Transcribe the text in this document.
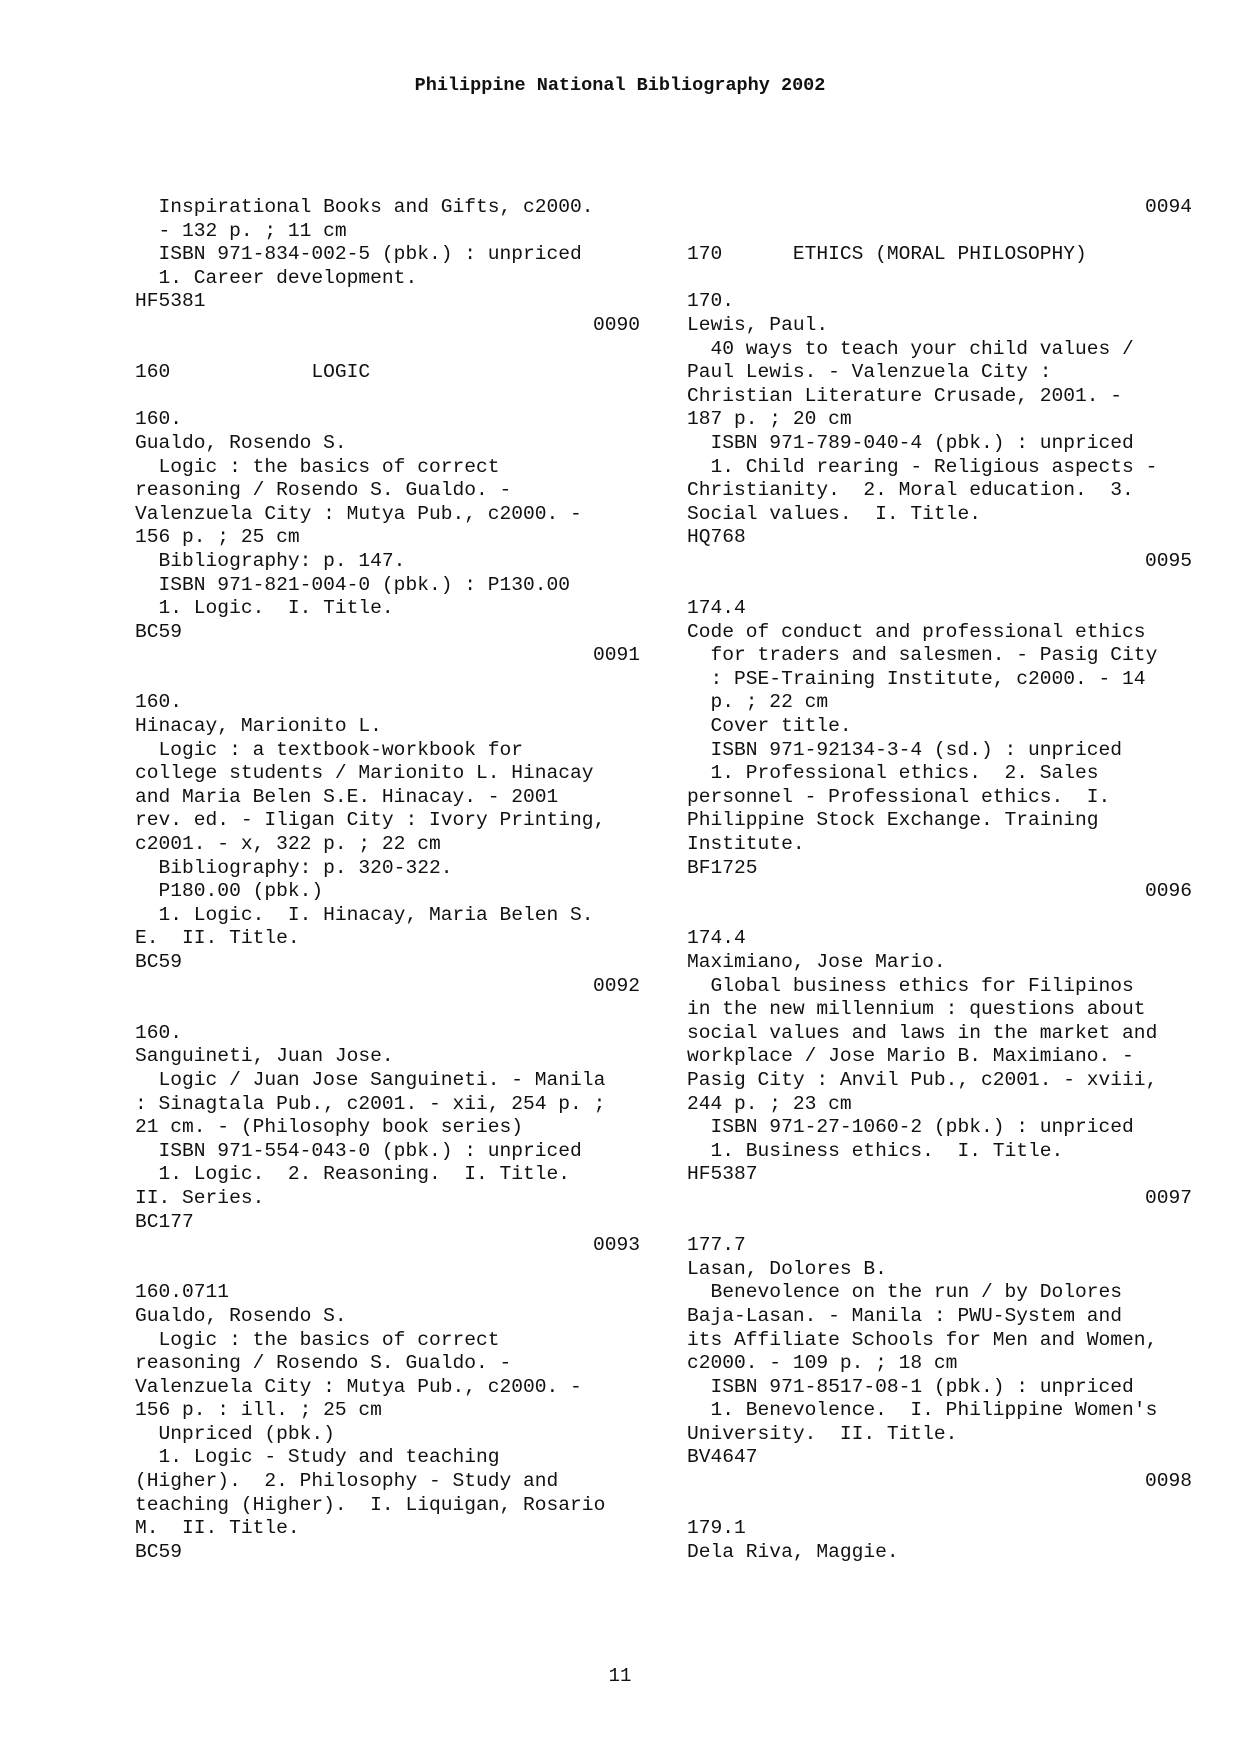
Philippine National Bibliography 2002
Inspirational Books and Gifts, c2000.
- 132 p. ; 11 cm
ISBN 971-834-002-5 (pbk.) : unpriced
1. Career development.
HF5381
0090
160            LOGIC
160.
Gualdo, Rosendo S.
Logic : the basics of correct
reasoning / Rosendo S. Gualdo. -
Valenzuela City : Mutya Pub., c2000. -
156 p. ; 25 cm
Bibliography: p. 147.
ISBN 971-821-004-0 (pbk.) : P130.00
1. Logic.  I. Title.
BC59
0091
160.
Hinacay, Marionito L.
Logic : a textbook-workbook for
college students / Marionito L. Hinacay
and Maria Belen S.E. Hinacay. - 2001
rev. ed. - Iligan City : Ivory Printing,
c2001. - x, 322 p. ; 22 cm
Bibliography: p. 320-322.
P180.00 (pbk.)
1. Logic.  I. Hinacay, Maria Belen S.
E.  II. Title.
BC59
0092
160.
Sanguineti, Juan Jose.
Logic / Juan Jose Sanguineti. - Manila
: Sinagtala Pub., c2001. - xii, 254 p. ;
21 cm. - (Philosophy book series)
ISBN 971-554-043-0 (pbk.) : unpriced
1. Logic.  2. Reasoning.  I. Title.
II. Series.
BC177
0093
160.0711
Gualdo, Rosendo S.
Logic : the basics of correct
reasoning / Rosendo S. Gualdo. -
Valenzuela City : Mutya Pub., c2000. -
156 p. : ill. ; 25 cm
Unpriced (pbk.)
1. Logic - Study and teaching
(Higher).  2. Philosophy - Study and
teaching (Higher).  I. Liquigan, Rosario
M.  II. Title.
BC59
0094
170      ETHICS (MORAL PHILOSOPHY)
170.
Lewis, Paul.
40 ways to teach your child values /
Paul Lewis. - Valenzuela City :
Christian Literature Crusade, 2001. -
187 p. ; 20 cm
ISBN 971-789-040-4 (pbk.) : unpriced
1. Child rearing - Religious aspects -
Christianity.  2. Moral education.  3.
Social values.  I. Title.
HQ768
0095
174.4
Code of conduct and professional ethics
for traders and salesmen. - Pasig City
: PSE-Training Institute, c2000. - 14
p. ; 22 cm
Cover title.
ISBN 971-92134-3-4 (sd.) : unpriced
1. Professional ethics.  2. Sales
personnel - Professional ethics.  I.
Philippine Stock Exchange. Training
Institute.
BF1725
0096
174.4
Maximiano, Jose Mario.
Global business ethics for Filipinos
in the new millennium : questions about
social values and laws in the market and
workplace / Jose Mario B. Maximiano. -
Pasig City : Anvil Pub., c2001. - xviii,
244 p. ; 23 cm
ISBN 971-27-1060-2 (pbk.) : unpriced
1. Business ethics.  I. Title.
HF5387
0097
177.7
Lasan, Dolores B.
Benevolence on the run / by Dolores
Baja-Lasan. - Manila : PWU-System and
its Affiliate Schools for Men and Women,
c2000. - 109 p. ; 18 cm
ISBN 971-8517-08-1 (pbk.) : unpriced
1. Benevolence.  I. Philippine Women's
University.  II. Title.
BV4647
0098
179.1
Dela Riva, Maggie.
11
